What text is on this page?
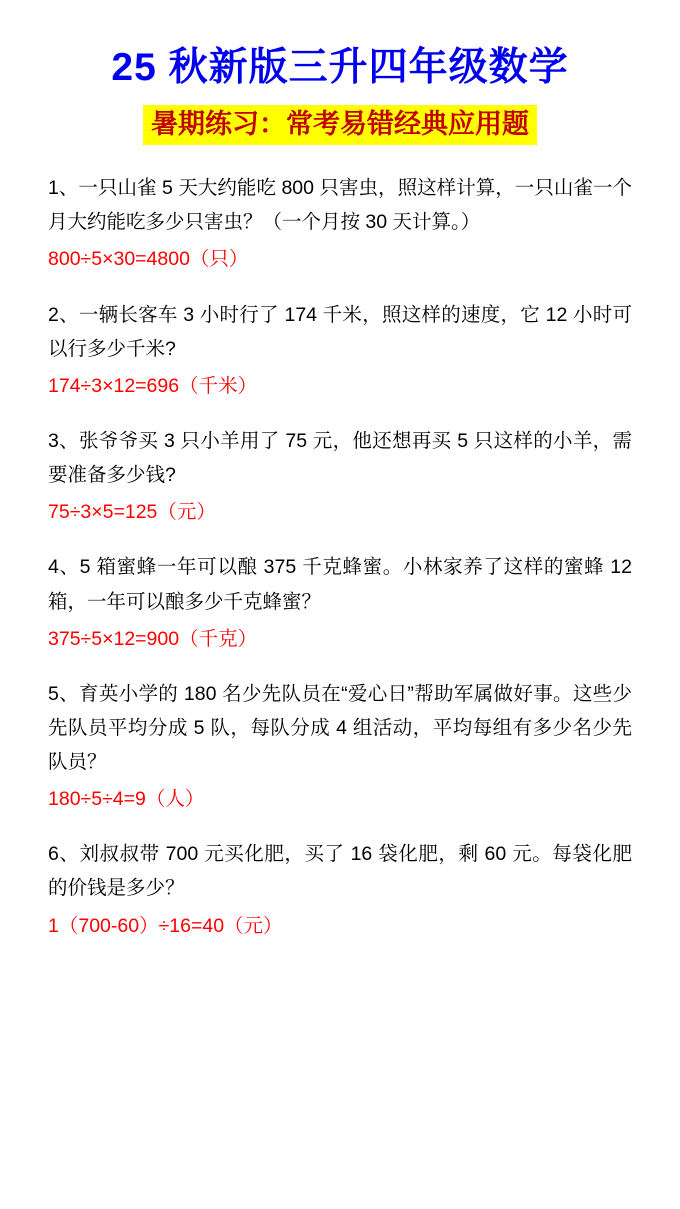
25 秋新版三升四年级数学
暑期练习：常考易错经典应用题
1、一只山雀 5 天大约能吃 800 只害虫，照这样计算，一只山雀一个月大约能吃多少只害虫？（一个月按 30 天计算。）
800÷5×30=4800（只）
2、一辆长客车 3 小时行了 174 千米，照这样的速度，它 12 小时可以行多少千米?
174÷3×12=696（千米）
3、张爷爷买 3 只小羊用了 75 元，他还想再买 5 只这样的小羊，需要准备多少钱?
75÷3×5=125（元）
4、5 箱蜜蜂一年可以酿 375 千克蜂蜜。小林家养了这样的蜜蜂 12 箱，一年可以酿多少千克蜂蜜？
375÷5×12=900（千克）
5、育英小学的 180 名少先队员在“爱心日”帮助军属做好事。这些少先队员平均分成 5 队，每队分成 4 组活动，平均每组有多少名少先队员？
180÷5÷4=9（人）
6、刘叔叔带 700 元买化肥，买了 16 袋化肥，剩 60 元。每袋化肥的价钱是多少？
1（700-60）÷16=40（元）
